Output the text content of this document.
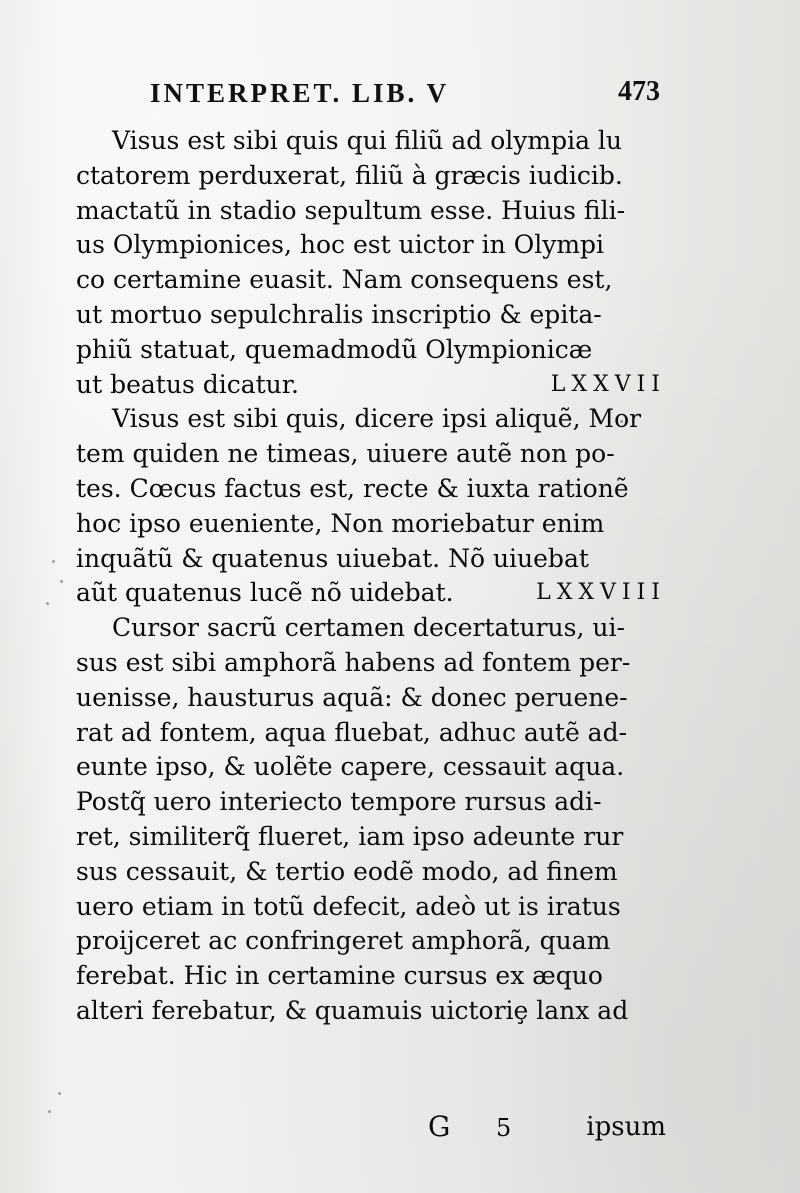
INTERPRET. LIB. V	473
Visus est sibi quis qui filiũ ad olympia lu
ctatorem perduxerat, filiũ à græcis iudicib.
mactatũ in stadio sepultum esse. Huius fili-
us Olympionices, hoc est uictor in Olympi
co certamine euasit. Nam consequens est,
ut mortuo sepulchralis inscriptio & epita-
phiũ statuat, quemadmodũ Olympionicæ
ut beatus dicatur.	LXXVII
Visus est sibi quis, dicere ipsi aliquẽ, Mor
tem quiden ne timeas, uiuere autẽ non po-
tes. Cœcus factus est, recte & iuxta rationẽ
hoc ipso eueniente, Non moriebatur enim
inquãtũ & quatenus uiuebat. Nõ uiuebat
aũt quatenus lucẽ nõ uidebat.	LXXVIII
Cursor sacrũ certamen decertaturus, ui-
sus est sibi amphorã habens ad fontem per-
uenisse, hausturus aquã: & donec peruene-
rat ad fontem, aqua fluebat, adhuc autẽ ad-
eunte ipso, & uolẽte capere, cessauit aqua.
Postq̃ uero interiecto tempore rursus adi-
ret, similiterq̃ flueret, iam ipso adeunte rur
sus cessauit, & tertio eodẽ modo, ad finem
uero etiam in totũ defecit, adeò ut is iratus
proijceret ac confringeret amphorã, quam
ferebat. Hic in certamine cursus ex æquo
alteri ferebatur, & quamuis uictoriȩ lanx ad
G 5	ipsum
